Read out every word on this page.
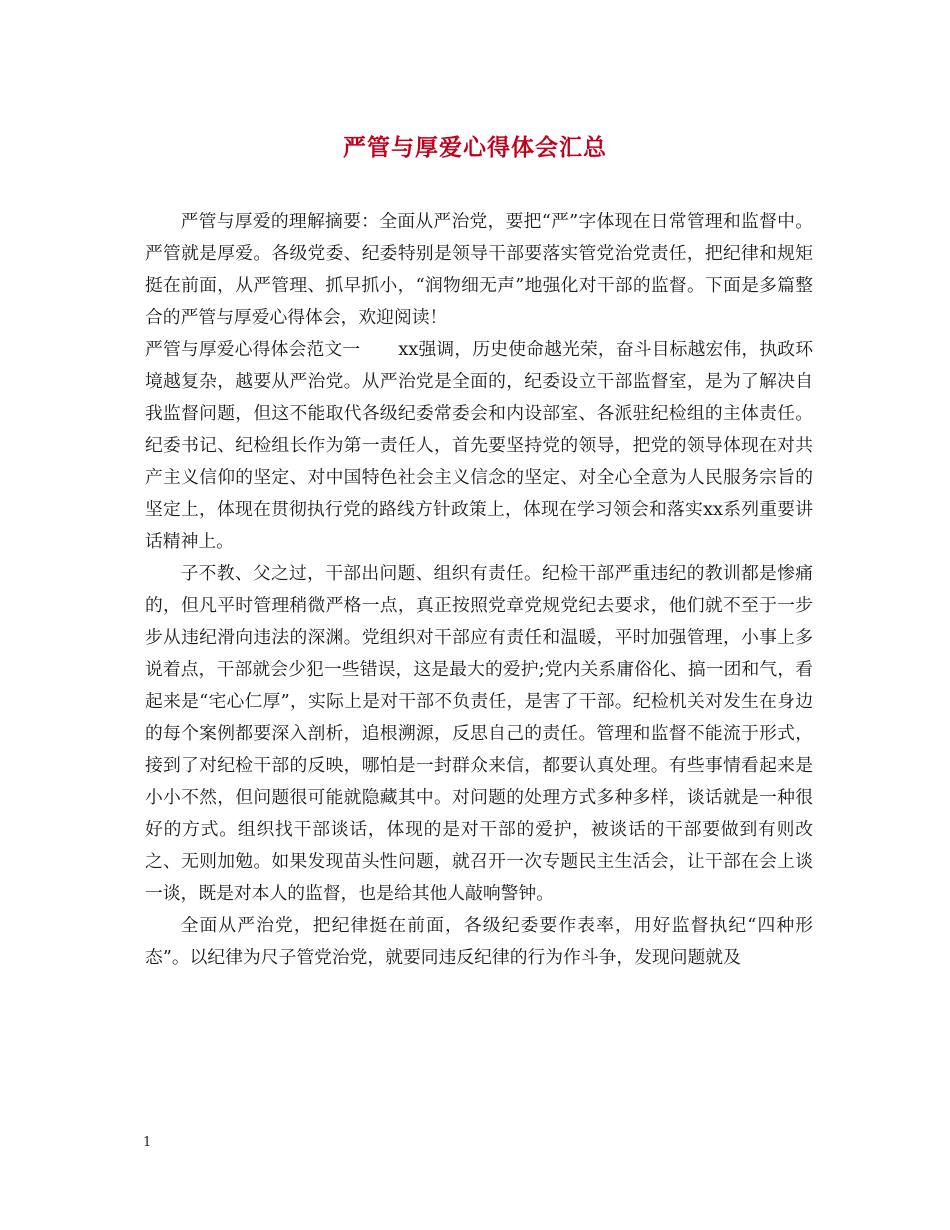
严管与厚爱心得体会汇总

严管与厚爱的理解摘要：全面从严治党，要把“严”字体现在日常管理和监督中。严管就是厚爱。各级党委、纪委特别是领导干部要落实管党治党责任，把纪律和规矩挺在前面，从严管理、抓早抓小，“润物细无声”地强化对干部的监督。下面是多篇整合的严管与厚爱心得体会，欢迎阅读！

严管与厚爱心得体会范文一 xx强调，历史使命越光荣，奋斗目标越宏伟，执政环境越复杂，越要从严治党。从严治党是全面的，纪委设立干部监督室，是为了解决自我监督问题，但这不能取代各级纪委常委会和内设部室、各派驻纪检组的主体责任。纪委书记、纪检组长作为第一责任人，首先要坚持党的领导，把党的领导体现在对共产主义信仰的坚定、对中国特色社会主义信念的坚定、对全心全意为人民服务宗旨的坚定上，体现在贯彻执行党的路线方针政策上，体现在学习领会和落实xx系列重要讲话精神上。

子不教、父之过，干部出问题、组织有责任。纪检干部严重违纪的教训都是惨痛的，但凡平时管理稍微严格一点，真正按照党章党规党纪去要求，他们就不至于一步步从违纪滑向违法的深渊。党组织对干部应有责任和温暖，平时加强管理，小事上多说着点，干部就会少犯一些错误，这是最大的爱护;党内关系庸俗化、搞一团和气，看起来是“宅心仁厚”，实际上是对干部不负责任，是害了干部。纪检机关对发生在身边的每个案例都要深入剖析，追根溯源，反思自己的责任。管理和监督不能流于形式，接到了对纪检干部的反映，哪怕是一封群众来信，都要认真处理。有些事情看起来是小小不然，但问题很可能就隐藏其中。对问题的处理方式多种多样，谈话就是一种很好的方式。组织找干部谈话，体现的是对干部的爱护，被谈话的干部要做到有则改之、无则加勉。如果发现苗头性问题，就召开一次专题民主生活会，让干部在会上谈一谈，既是对本人的监督，也是给其他人敲响警钟。

全面从严治党，把纪律挺在前面，各级纪委要作表率，用好监督执纪“四种形态”。以纪律为尺子管党治党，就要同违反纪律的行为作斗争，发现问题就及

1
